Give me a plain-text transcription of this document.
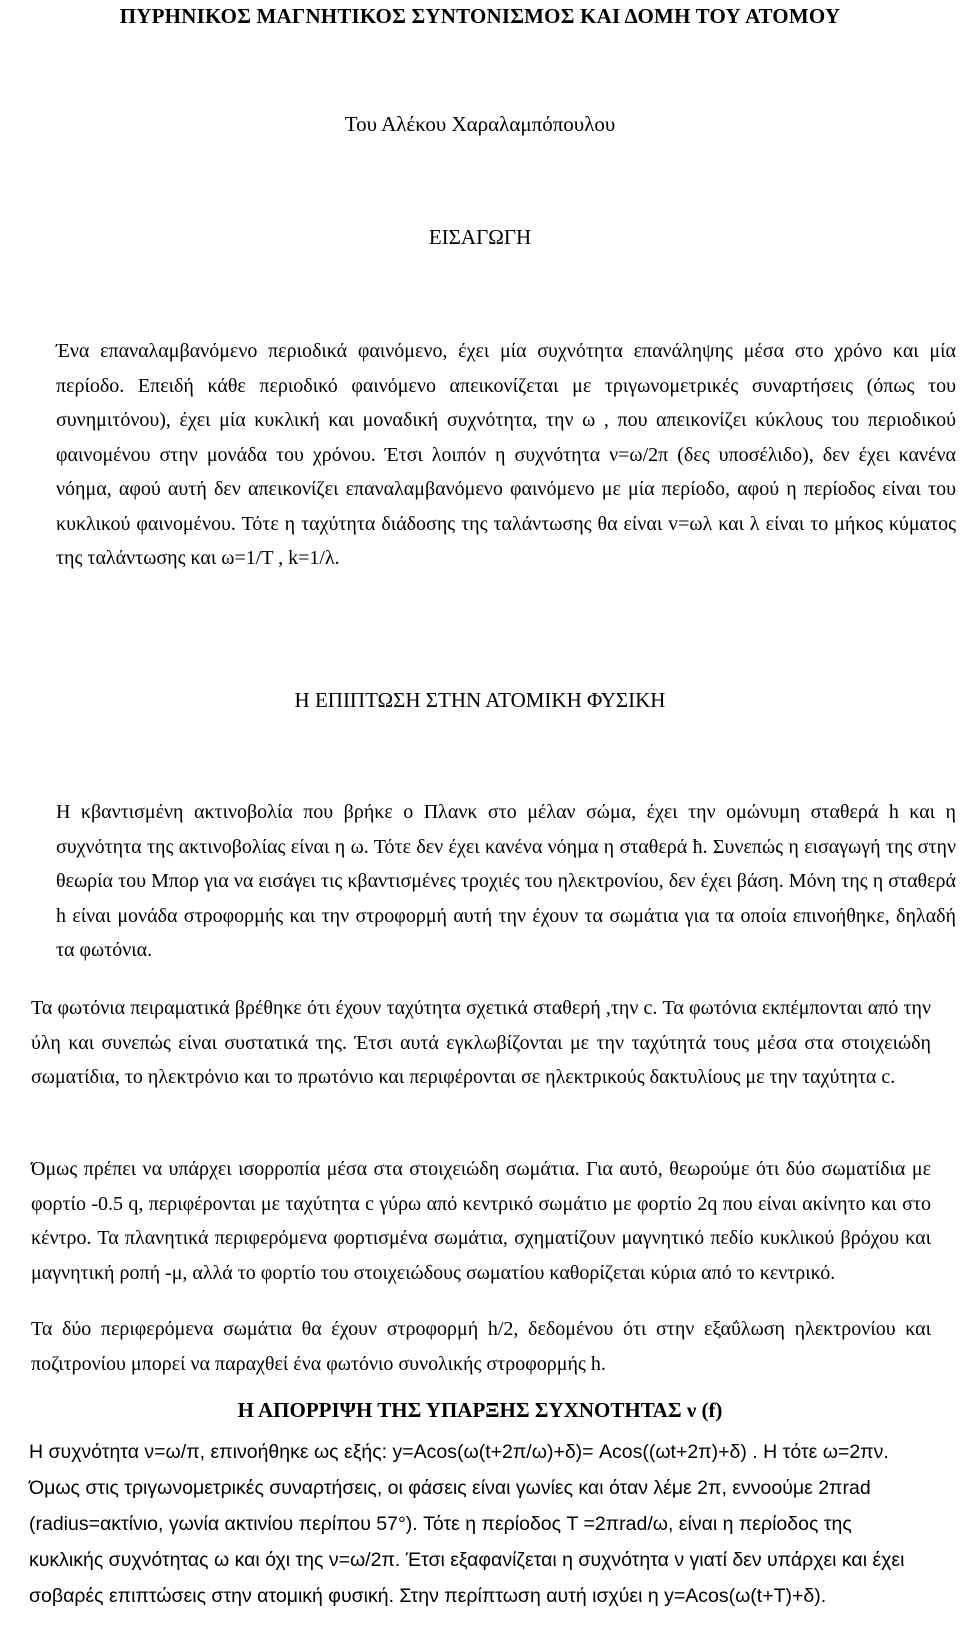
ΠΥΡΗΝΙΚΟΣ ΜΑΓΝΗΤΙΚΟΣ ΣΥΝΤΟΝΙΣΜΟΣ ΚΑΙ ΔΟΜΗ ΤΟΥ ΑΤΟΜΟΥ
Του Αλέκου Χαραλαμπόπουλου
ΕΙΣΑΓΩΓΗ

Ένα επαναλαμβανόμενο περιοδικά φαινόμενο, έχει μία συχνότητα επανάληψης μέσα στο χρόνο και μία περίοδο. Επειδή κάθε περιοδικό φαινόμενο απεικονίζεται με τριγωνομετρικές συναρτήσεις (όπως του συνημιτόνου), έχει μία κυκλική και μοναδική συχνότητα, την ω , που απεικονίζει κύκλους του περιοδικού φαινομένου στην μονάδα του χρόνου. Έτσι λοιπόν η συχνότητα ν=ω/2π (δες υποσέλιδο), δεν έχει κανένα νόημα, αφού αυτή δεν απεικονίζει επαναλαμβανόμενο φαινόμενο με μία περίοδο, αφού η περίοδος είναι του κυκλικού φαινομένου. Τότε η ταχύτητα διάδοσης της ταλάντωσης θα είναι v=ωλ και λ είναι το μήκος κύματος της ταλάντωσης και ω=1/T , k=1/λ.

Η ΕΠΙΠΤΩΣΗ ΣΤΗΝ ΑΤΟΜΙΚΗ ΦΥΣΙΚΗ

Η κβαντισμένη ακτινοβολία που βρήκε ο Πλανκ στο μέλαν σώμα, έχει την ομώνυμη σταθερά h και η συχνότητα της ακτινοβολίας είναι η ω. Τότε δεν έχει κανένα νόημα η σταθερά ħ. Συνεπώς η εισαγωγή της στην θεωρία του Μπορ για να εισάγει τις κβαντισμένες τροχιές του ηλεκτρονίου, δεν έχει βάση. Μόνη της η σταθερά h είναι μονάδα στροφορμής και την στροφορμή αυτή την έχουν τα σωμάτια για τα οποία επινοήθηκε, δηλαδή τα φωτόνια.

Τα φωτόνια πειραματικά βρέθηκε ότι έχουν ταχύτητα σχετικά σταθερή ,την c. Τα φωτόνια εκπέμπονται από την ύλη και συνεπώς είναι συστατικά της. Έτσι αυτά εγκλωβίζονται με την ταχύτητά τους μέσα στα στοιχειώδη σωματίδια, το ηλεκτρόνιο και το πρωτόνιο και περιφέρονται σε ηλεκτρικούς δακτυλίους με την ταχύτητα c.

Όμως πρέπει να υπάρχει ισορροπία μέσα στα στοιχειώδη σωμάτια. Για αυτό, θεωρούμε ότι δύο σωματίδια με φορτίο -0.5 q, περιφέρονται με ταχύτητα c γύρω από κεντρικό σωμάτιο με φορτίο 2q που είναι ακίνητο και στο κέντρο. Τα πλανητικά περιφερόμενα φορτισμένα σωμάτια, σχηματίζουν μαγνητικό πεδίο κυκλικού βρόχου και μαγνητική ροπή -μ, αλλά το φορτίο του στοιχειώδους σωματίου καθορίζεται κύρια από το κεντρικό.

Τα δύο περιφερόμενα σωμάτια θα έχουν στροφορμή h/2, δεδομένου ότι στην εξαΰλωση ηλεκτρονίου και ποζιτρονίου μπορεί να παραχθεί ένα φωτόνιο συνολικής στροφορμής h.

Η ΑΠΟΡΡΙΨΗ ΤΗΣ ΥΠΑΡΞΗΣ ΣΥΧΝΟΤΗΤΑΣ ν (f)

Η συχνότητα ν=ω/π, επινοήθηκε ως εξής: y=Acos(ω(t+2π/ω)+δ)= Acos((ωt+2π)+δ) . Η τότε ω=2πν. Όμως στις τριγωνομετρικές συναρτήσεις, οι φάσεις είναι γωνίες και όταν λέμε 2π, εννοούμε 2πrad (radius=ακτίνιο, γωνία ακτινίου περίπου 57°). Τότε η περίοδος T =2πrad/ω, είναι η περίοδος της κυκλικής συχνότητας ω και όχι της ν=ω/2π. Έτσι εξαφανίζεται η συχνότητα ν γιατί δεν υπάρχει και έχει σοβαρές επιπτώσεις στην ατομική φυσική. Στην περίπτωση αυτή ισχύει η y=Acos(ω(t+T)+δ).
